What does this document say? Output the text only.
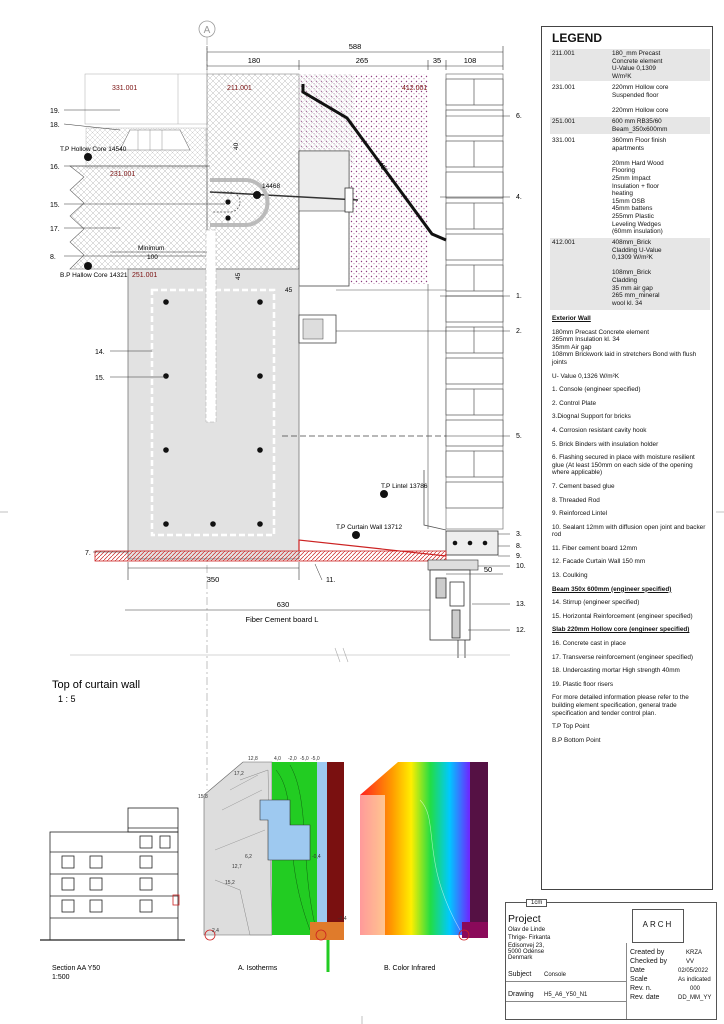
A
588
180	265	35	108
45°
350
50
630
Fiber Cement board L
40
45
45
Minimum
100
331.001	211.001	412.001
231.001
251.001
T.P Hollow Core 14540
14468
B.P Hallow Core 14321
T.P Lintel 13786
T.P Curtain Wall 13712
19.
18.
16.
15.
17.
8.
14.
15.
7.
6.
4.
1.
2.
5.
3.
8.
9.
10.
13.
12.
11.
Top of curtain wall
1 : 5
Section AA Y50
1:500
12,8
17,2
15,8
6,2
12,7
15,2
2,4
4,0 -2,0 -5,0 -5,0
-0,4
-3,4
A. Isotherms	B. Color Infrared
LEGEND
211.001	180_mm Precast
Concrete element
U-Value 0,1309
W/m²K
231.001	220mm Hollow core
Suspended floor

220mm Hollow core
251.001	600 mm RB35/60
Beam_350x600mm
331.001	360mm Floor finish
apartments

20mm Hard Wood
Flooring
25mm Impact
Insulation + floor
heating
15mm OSB
45mm battens
255mm Plastic
Leveling Wedges
(60mm insulation)
412.001	408mm_Brick
Cladding U-Value
0,1309 W/m²K

108mm_Brick
Cladding
35 mm air gap
265 mm_mineral
wool kl. 34

Exterior Wall

180mm Precast Concrete element
265mm Insulation kl. 34
35mm Air gap
108mm Brickwork laid in stretchers Bond with flush joints

U- Value 0,1326 W/m²K

1. Console (engineer specified)

2. Control Plate

3.Diognal Support for bricks

4. Corrosion resistant cavity hook

5. Brick Binders with insulation holder

6. Flashing secured in place with moisture resilient glue (At least 150mm on each side of the opening where applicable)

7. Cement based glue

8. Threaded Rod

9. Reinforced Lintel

10. Sealant 12mm with diffusion open joint and backer rod

11. Fiber cement board 12mm

12. Facade Curtain Wall 150 mm

13. Coulking

Beam 350x 600mm (engineer specified)

14. Stirrup (engineer specified)

15. Horizontal Reinforcement (engineer specified)

Slab 220mm Hollow core (engineer specified)

16. Concrete cast in place

17. Transverse reinforcement (engineer specified)

18. Undercasting mortar High strength 40mm

19. Plastic floor risers

For more detailed information please refer to the building element specification, general trade specification and tender control plan.

T.P Top Point

B.P Bottom Point

1cm
Project
Olav de Linde
Thrige- Firkanta
Edisonvej 23,
5000 Odense
Denmark
ARCH
Created by	KRZA
Checked by	VV
Date	02/05/2022
Scale	As indicated
Rev. n.	000
Rev. date	DD_MM_YY
Subject Console
Drawing H5_A6_Y50_N1
